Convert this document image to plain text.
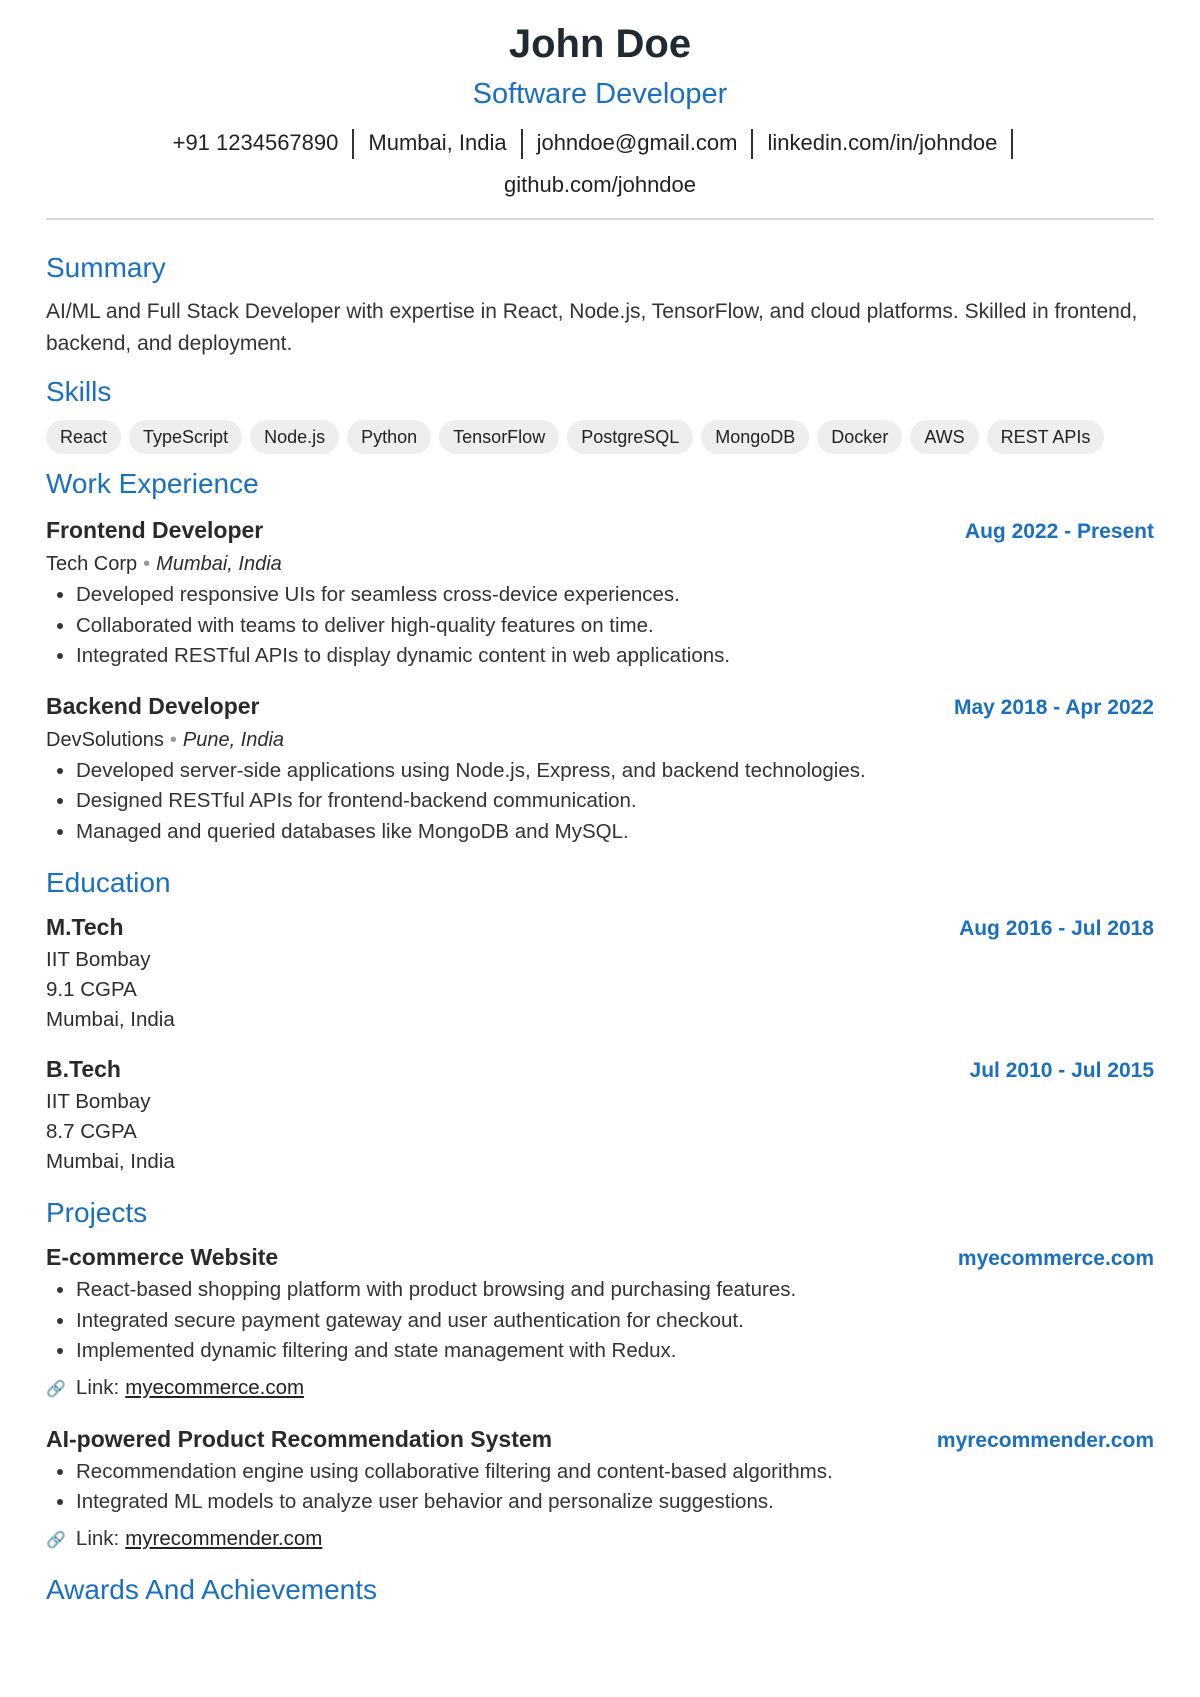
John Doe
Software Developer
+91 1234567890 Mumbai, India johndoe@gmail.com linkedin.com/in/johndoe
github.com/johndoe
Summary
AI/ML and Full Stack Developer with expertise in React, Node.js, TensorFlow, and cloud platforms. Skilled in frontend, backend, and deployment.
Skills
React TypeScript Node.js Python TensorFlow PostgreSQL MongoDB Docker AWS REST APIs
Work Experience
Frontend Developer	Aug 2022 - Present
Tech Corp • Mumbai, India
• Developed responsive UIs for seamless cross-device experiences.
• Collaborated with teams to deliver high-quality features on time.
• Integrated RESTful APIs to display dynamic content in web applications.
Backend Developer	May 2018 - Apr 2022
DevSolutions • Pune, India
• Developed server-side applications using Node.js, Express, and backend technologies.
• Designed RESTful APIs for frontend-backend communication.
• Managed and queried databases like MongoDB and MySQL.
Education
M.Tech	Aug 2016 - Jul 2018
IIT Bombay
9.1 CGPA
Mumbai, India
B.Tech	Jul 2010 - Jul 2015
IIT Bombay
8.7 CGPA
Mumbai, India
Projects
E-commerce Website	myecommerce.com
• React-based shopping platform with product browsing and purchasing features.
• Integrated secure payment gateway and user authentication for checkout.
• Implemented dynamic filtering and state management with Redux.
🔗 Link: myecommerce.com
AI-powered Product Recommendation System	myrecommender.com
• Recommendation engine using collaborative filtering and content-based algorithms.
• Integrated ML models to analyze user behavior and personalize suggestions.
🔗 Link: myrecommender.com
Awards And Achievements
